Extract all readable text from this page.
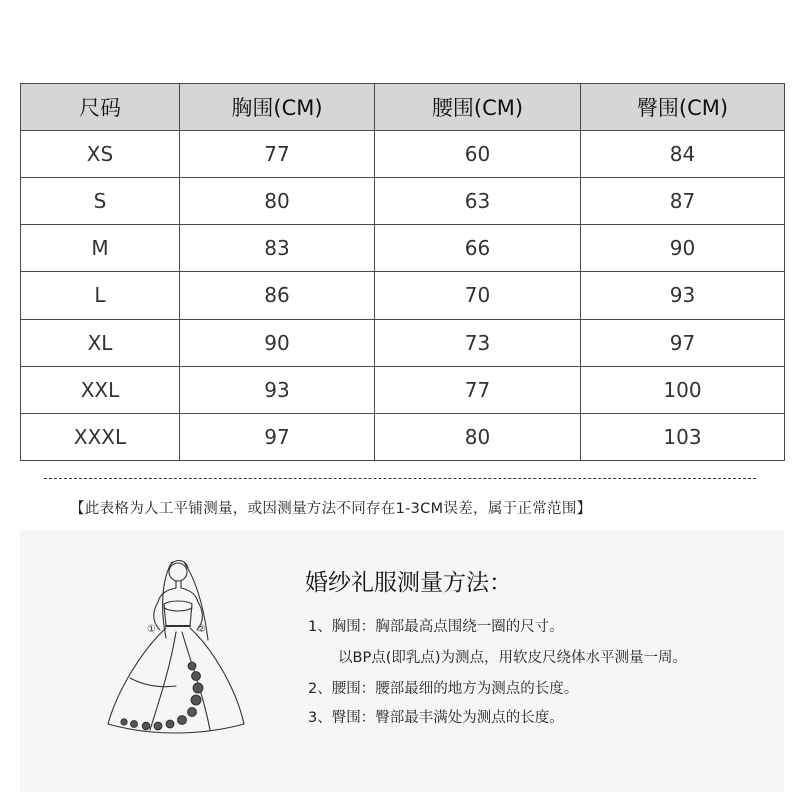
尺码	胸围(CM)	腰围(CM)	臀围(CM)
XS	77	60	84
S	80	63	87
M	83	66	90
L	86	70	93
XL	90	73	97
XXL	93	77	100
XXXL	97	80	103
【此表格为人工平铺测量，或因测量方法不同存在1-3CM误差，属于正常范围】
①	②
婚纱礼服测量方法：
1、胸围：胸部最高点围绕一圈的尺寸。
以BP点(即乳点)为测点，用软皮尺绕体水平测量一周。
2、腰围：腰部最细的地方为测点的长度。
3、臀围：臀部最丰满处为测点的长度。
